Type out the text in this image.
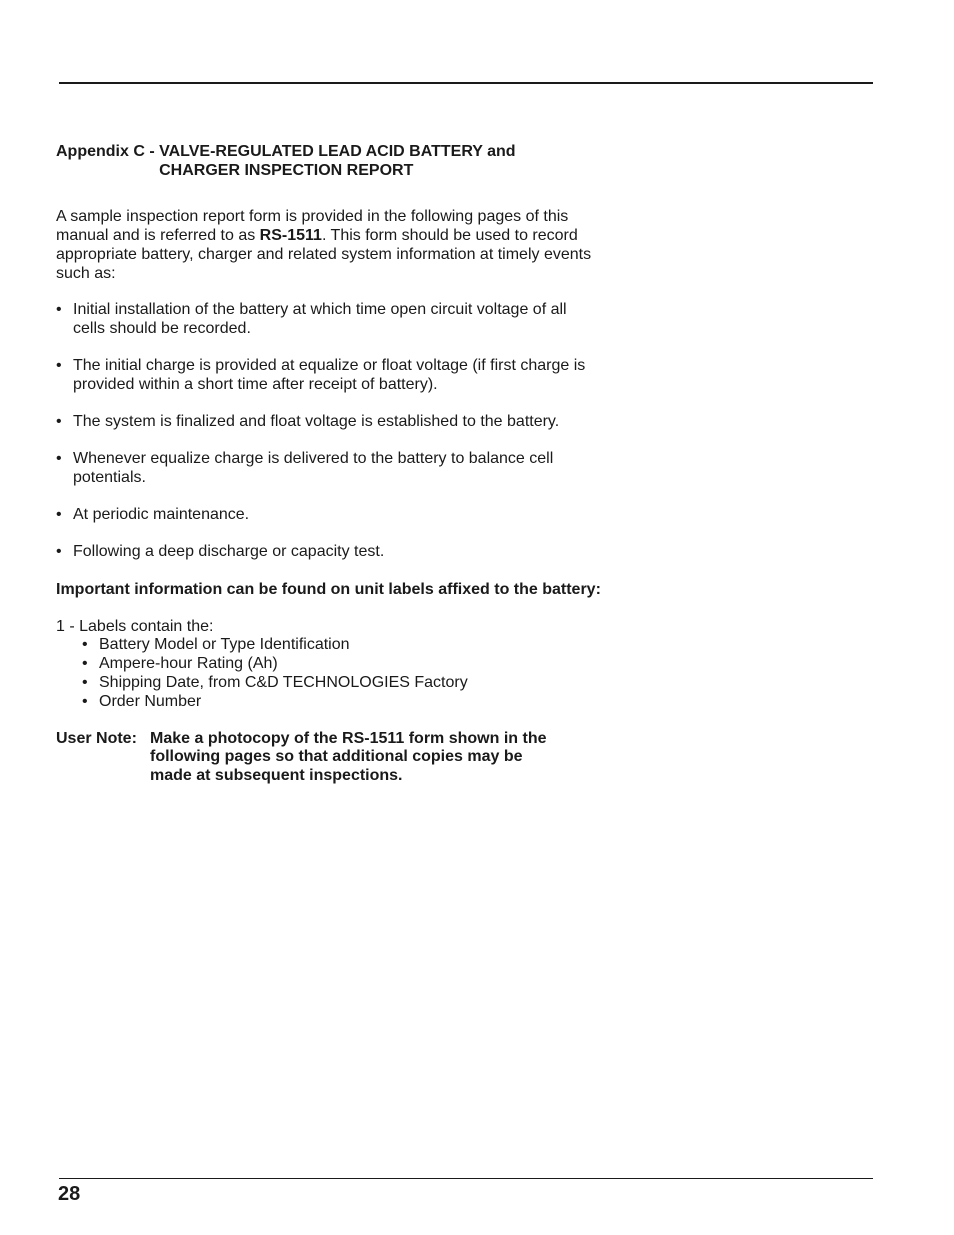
Appendix C - VALVE-REGULATED LEAD ACID BATTERY and
CHARGER INSPECTION REPORT

A sample inspection report form is provided in the following pages of this manual and is referred to as RS-1511. This form should be used to record appropriate battery, charger and related system information at timely events such as:

• Initial installation of the battery at which time open circuit voltage of all cells should be recorded.
• The initial charge is provided at equalize or float voltage (if first charge is provided within a short time after receipt of battery).
• The system is finalized and float voltage is established to the battery.
• Whenever equalize charge is delivered to the battery to balance cell potentials.
• At periodic maintenance.
• Following a deep discharge or capacity test.
Important information can be found on unit labels affixed to the battery:
1 - Labels contain the:
• Battery Model or Type Identification
• Ampere-hour Rating (Ah)
• Shipping Date, from C&D TECHNOLOGIES Factory
• Order Number
User Note: Make a photocopy of the RS-1511 form shown in the
following pages so that additional copies may be
made at subsequent inspections.
28
